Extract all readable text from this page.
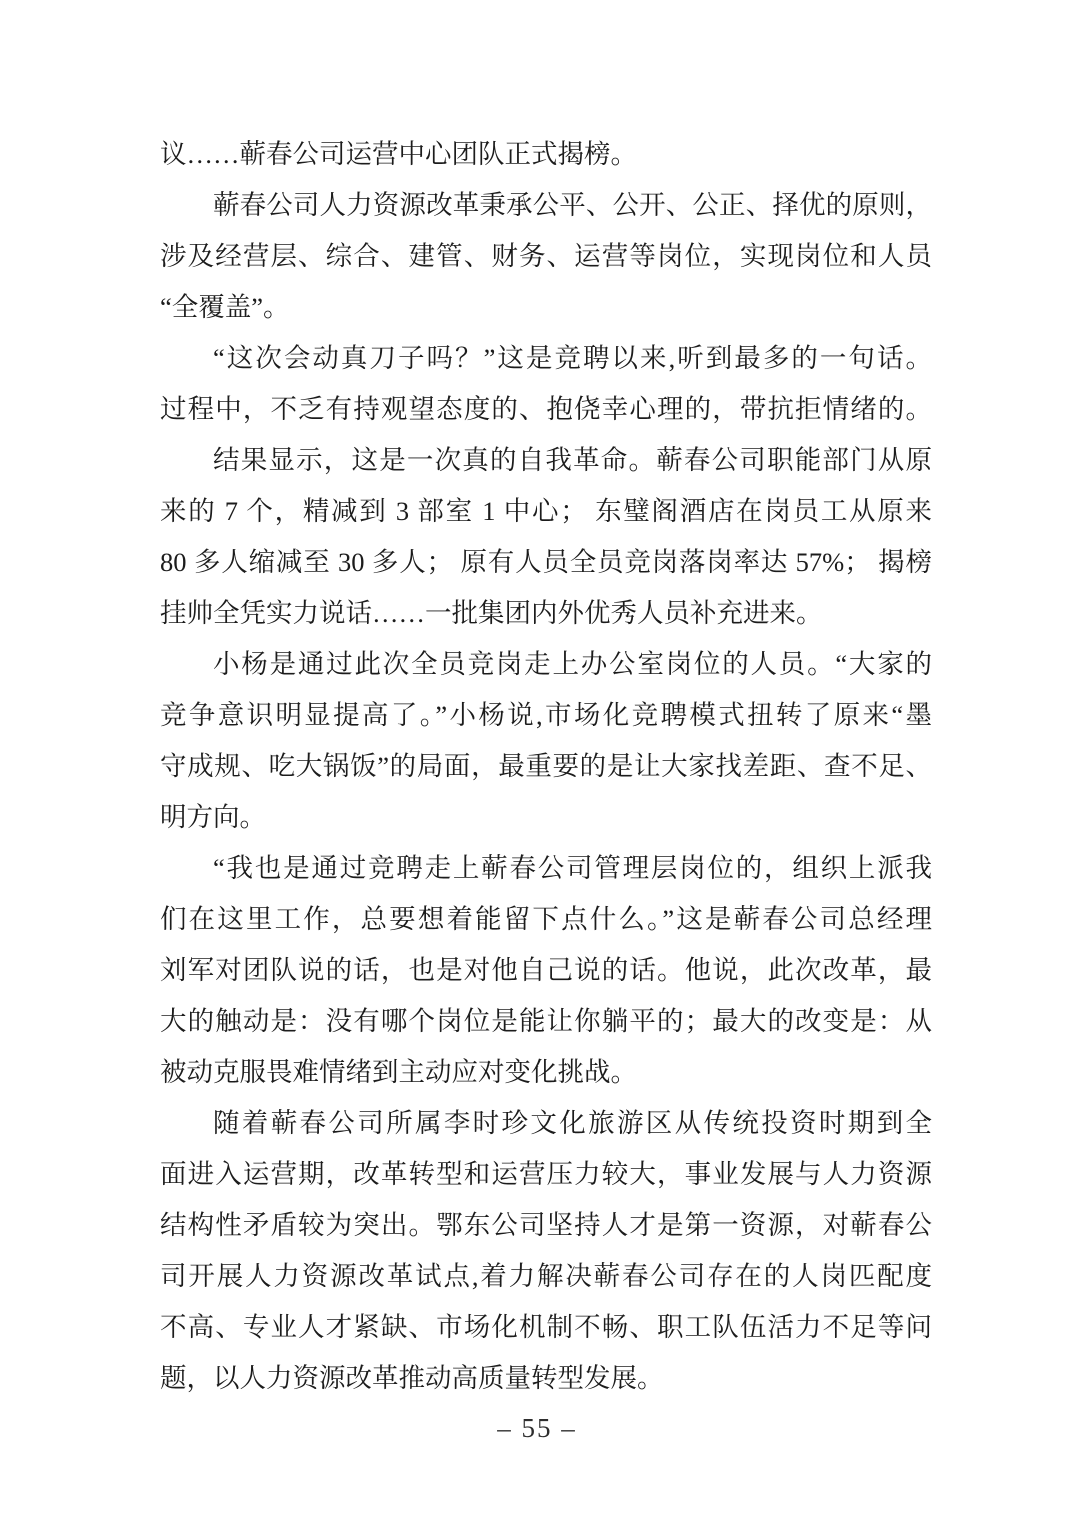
议……蕲春公司运营中心团队正式揭榜。
蕲春公司人力资源改革秉承公平、公开、公正、择优的原则，
涉及经营层、综合、建管、财务、运营等岗位，实现岗位和人员
“全覆盖”。
“这次会动真刀子吗？”这是竞聘以来,听到最多的一句话。
过程中，不乏有持观望态度的、抱侥幸心理的，带抗拒情绪的。
结果显示，这是一次真的自我革命。蕲春公司职能部门从原
来的 7 个，精减到 3 部室 1 中心； 东璧阁酒店在岗员工从原来
80 多人缩减至 30 多人； 原有人员全员竞岗落岗率达 57%； 揭榜
挂帅全凭实力说话……一批集团内外优秀人员补充进来。
小杨是通过此次全员竞岗走上办公室岗位的人员。“大家的
竞争意识明显提高了。”小杨说,市场化竞聘模式扭转了原来“墨
守成规、吃大锅饭”的局面，最重要的是让大家找差距、查不足、
明方向。
“我也是通过竞聘走上蕲春公司管理层岗位的，组织上派我
们在这里工作，总要想着能留下点什么。”这是蕲春公司总经理
刘军对团队说的话，也是对他自己说的话。他说，此次改革，最
大的触动是：没有哪个岗位是能让你躺平的；最大的改变是：从
被动克服畏难情绪到主动应对变化挑战。
随着蕲春公司所属李时珍文化旅游区从传统投资时期到全
面进入运营期，改革转型和运营压力较大，事业发展与人力资源
结构性矛盾较为突出。鄂东公司坚持人才是第一资源，对蕲春公
司开展人力资源改革试点,着力解决蕲春公司存在的人岗匹配度
不高、专业人才紧缺、市场化机制不畅、职工队伍活力不足等问
题，以人力资源改革推动高质量转型发展。
– 55 –
